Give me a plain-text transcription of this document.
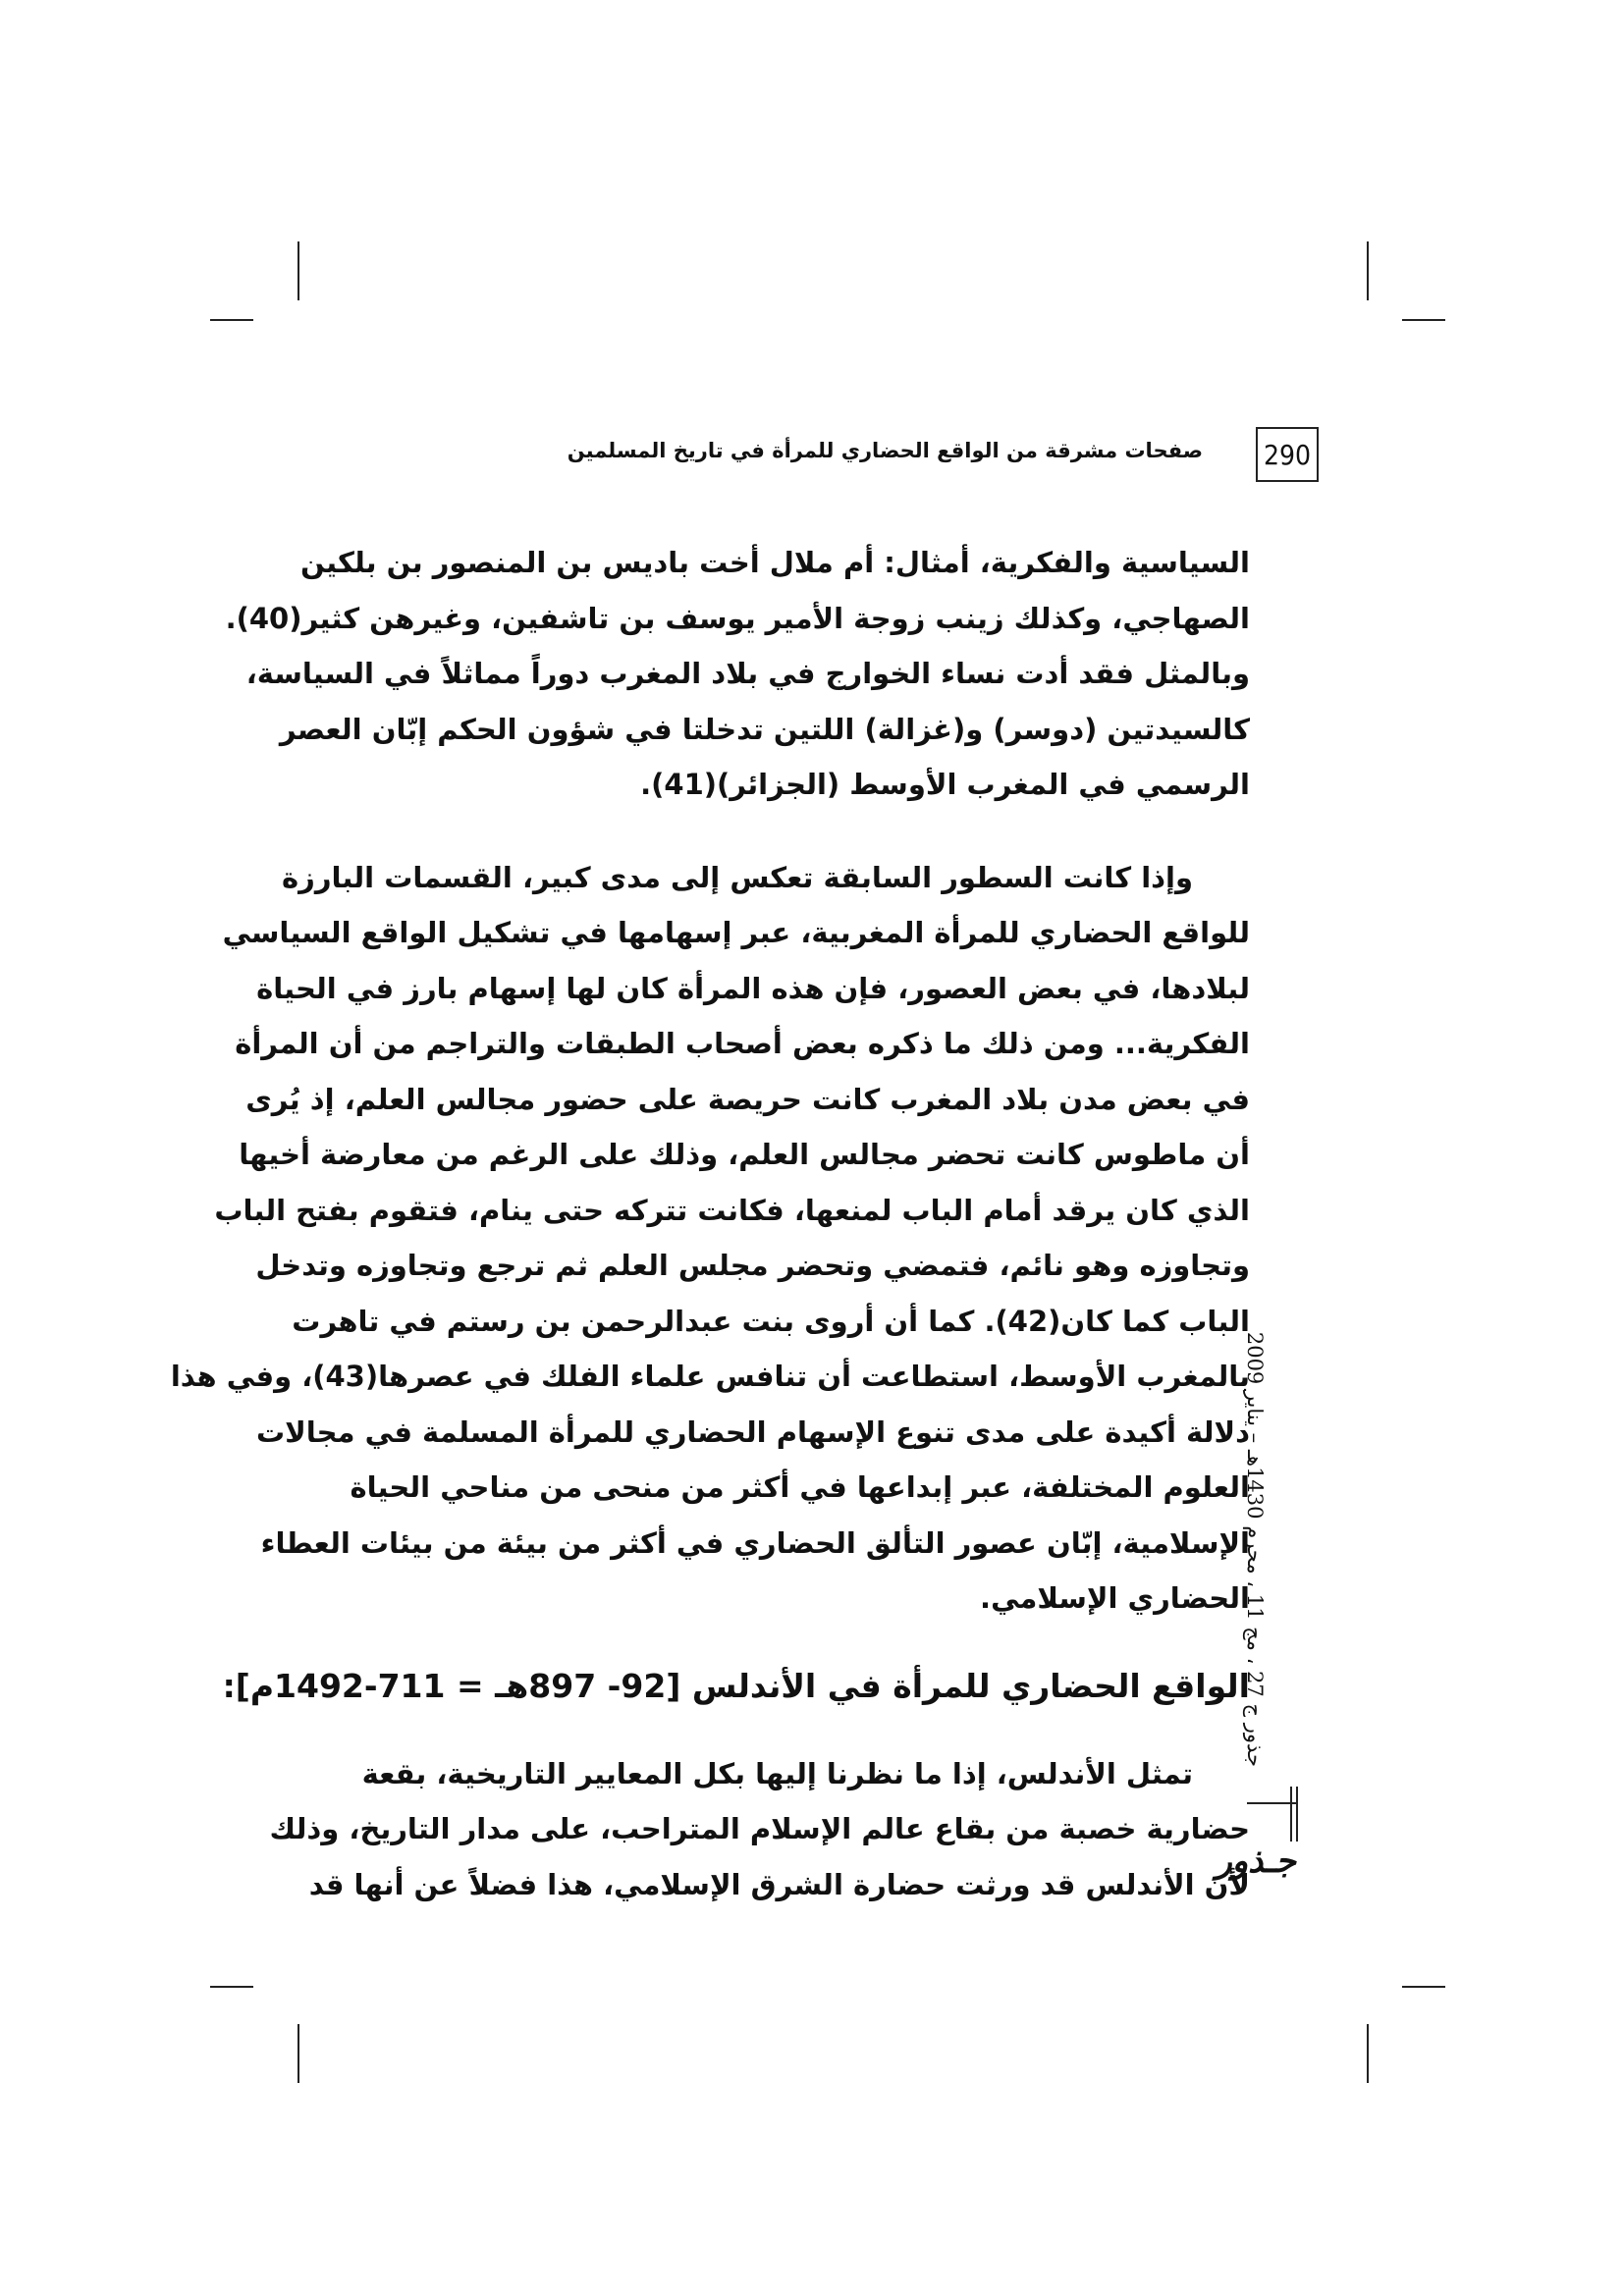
290
صفحات مشرقة من الواقع الحضاري للمرأة في تاريخ المسلمين
السياسية والفكرية، أمثال: أم ملال أخت باديس بن المنصور بن بلكين
الصهاجي، وكذلك زينب زوجة الأمير يوسف بن تاشفين، وغيرهن كثير(40).
وبالمثل فقد أدت نساء الخوارج في بلاد المغرب دوراً مماثلاً في السياسة،
كالسيدتين (دوسر) و(غزالة) اللتين تدخلتا في شؤون الحكم إبّان العصر
الرسمي في المغرب الأوسط (الجزائر)(41).
وإذا كانت السطور السابقة تعكس إلى مدى كبير، القسمات البارزة
للواقع الحضاري للمرأة المغربية، عبر إسهامها في تشكيل الواقع السياسي
لبلادها، في بعض العصور، فإن هذه المرأة كان لها إسهام بارز في الحياة
الفكرية... ومن ذلك ما ذكره بعض أصحاب الطبقات والتراجم من أن المرأة
في بعض مدن بلاد المغرب كانت حريصة على حضور مجالس العلم، إذ يُرى
أن ماطوس كانت تحضر مجالس العلم، وذلك على الرغم من معارضة أخيها
الذي كان يرقد أمام الباب لمنعها، فكانت تتركه حتى ينام، فتقوم بفتح الباب
وتجاوزه وهو نائم، فتمضي وتحضر مجلس العلم ثم ترجع وتجاوزه وتدخل
الباب كما كان(42). كما أن أروى بنت عبدالرحمن بن رستم في تاهرت
بالمغرب الأوسط، استطاعت أن تنافس علماء الفلك في عصرها(43)، وفي هذا
دلالة أكيدة على مدى تنوع الإسهام الحضاري للمرأة المسلمة في مجالات
العلوم المختلفة، عبر إبداعها في أكثر من منحى من مناحي الحياة
الإسلامية، إبّان عصور التألق الحضاري في أكثر من بيئة من بيئات العطاء
الحضاري الإسلامي.
الواقع الحضاري للمرأة في الأندلس [92- 897هـ = 711-1492م]:
تمثل الأندلس، إذا ما نظرنا إليها بكل المعايير التاريخية، بقعة
حضارية خصبة من بقاع عالم الإسلام المتراحب، على مدار التاريخ، وذلك
لأن الأندلس قد ورثت حضارة الشرق الإسلامي، هذا فضلاً عن أنها قد
جذور ج 27 ، مج 11 ، محرم 1430هـ – يناير 2009
جـذور
